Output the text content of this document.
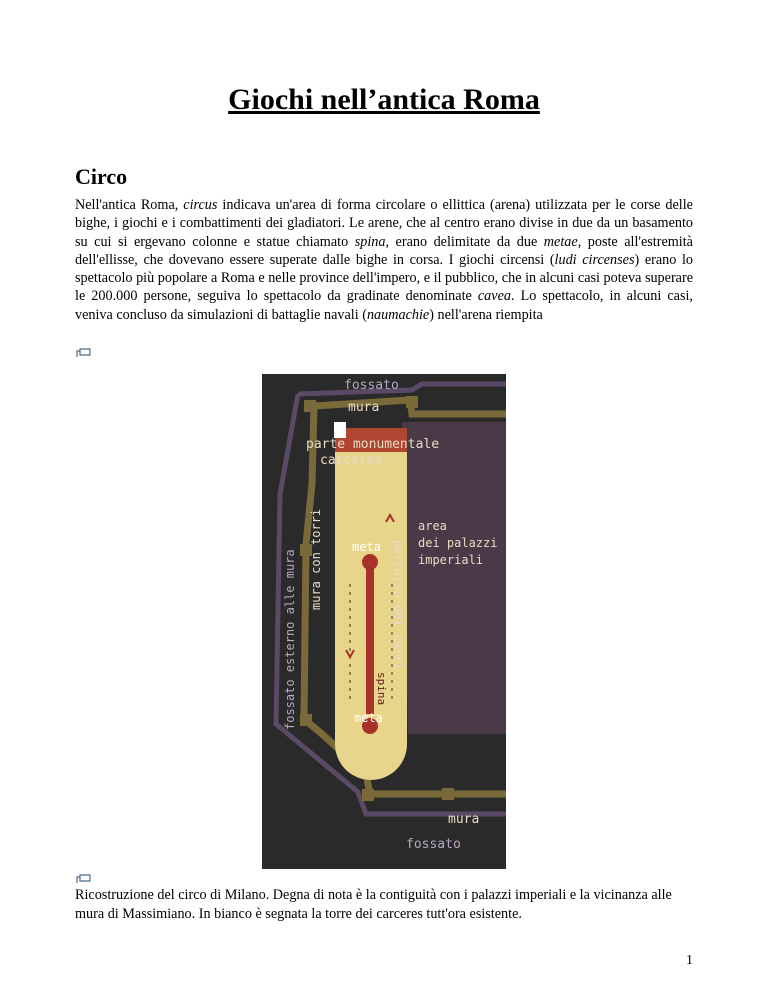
Giochi nell’antica Roma
Circo

Nell'antica Roma, circus indicava un'area di forma circolare o ellittica (arena) utilizzata per le corse delle bighe, i giochi e i combattimenti dei gladiatori. Le arene, che al centro erano divise in due da un basamento su cui si ergevano colonne e statue chiamato spina, erano delimitate da due metae, poste all'estremità dell'ellisse, che dovevano essere superate dalle bighe in corsa. I giochi circensi (ludi circenses) erano lo spettacolo più popolare a Roma e nelle province dell'impero, e il pubblico, che in alcuni casi poteva superare le 200.000 persone, seguiva lo spettacolo da gradinate denominate cavea. Lo spettacolo, in alcuni casi, veniva concluso da simulazioni di battaglie navali (naumachie) nell'arena riempita

fossato
mura
parte monumentale
carceres
area
dei palazzi
imperiali
meta
meta
spina
percorso dei carri
mura con torri
fossato esterno alle mura
mura
fossato

Ricostruzione del circo di Milano. Degna di nota è la contiguità con i palazzi imperiali e la vicinanza alle mura di Massimiano. In bianco è segnata la torre dei carceres tutt'ora esistente.

1
